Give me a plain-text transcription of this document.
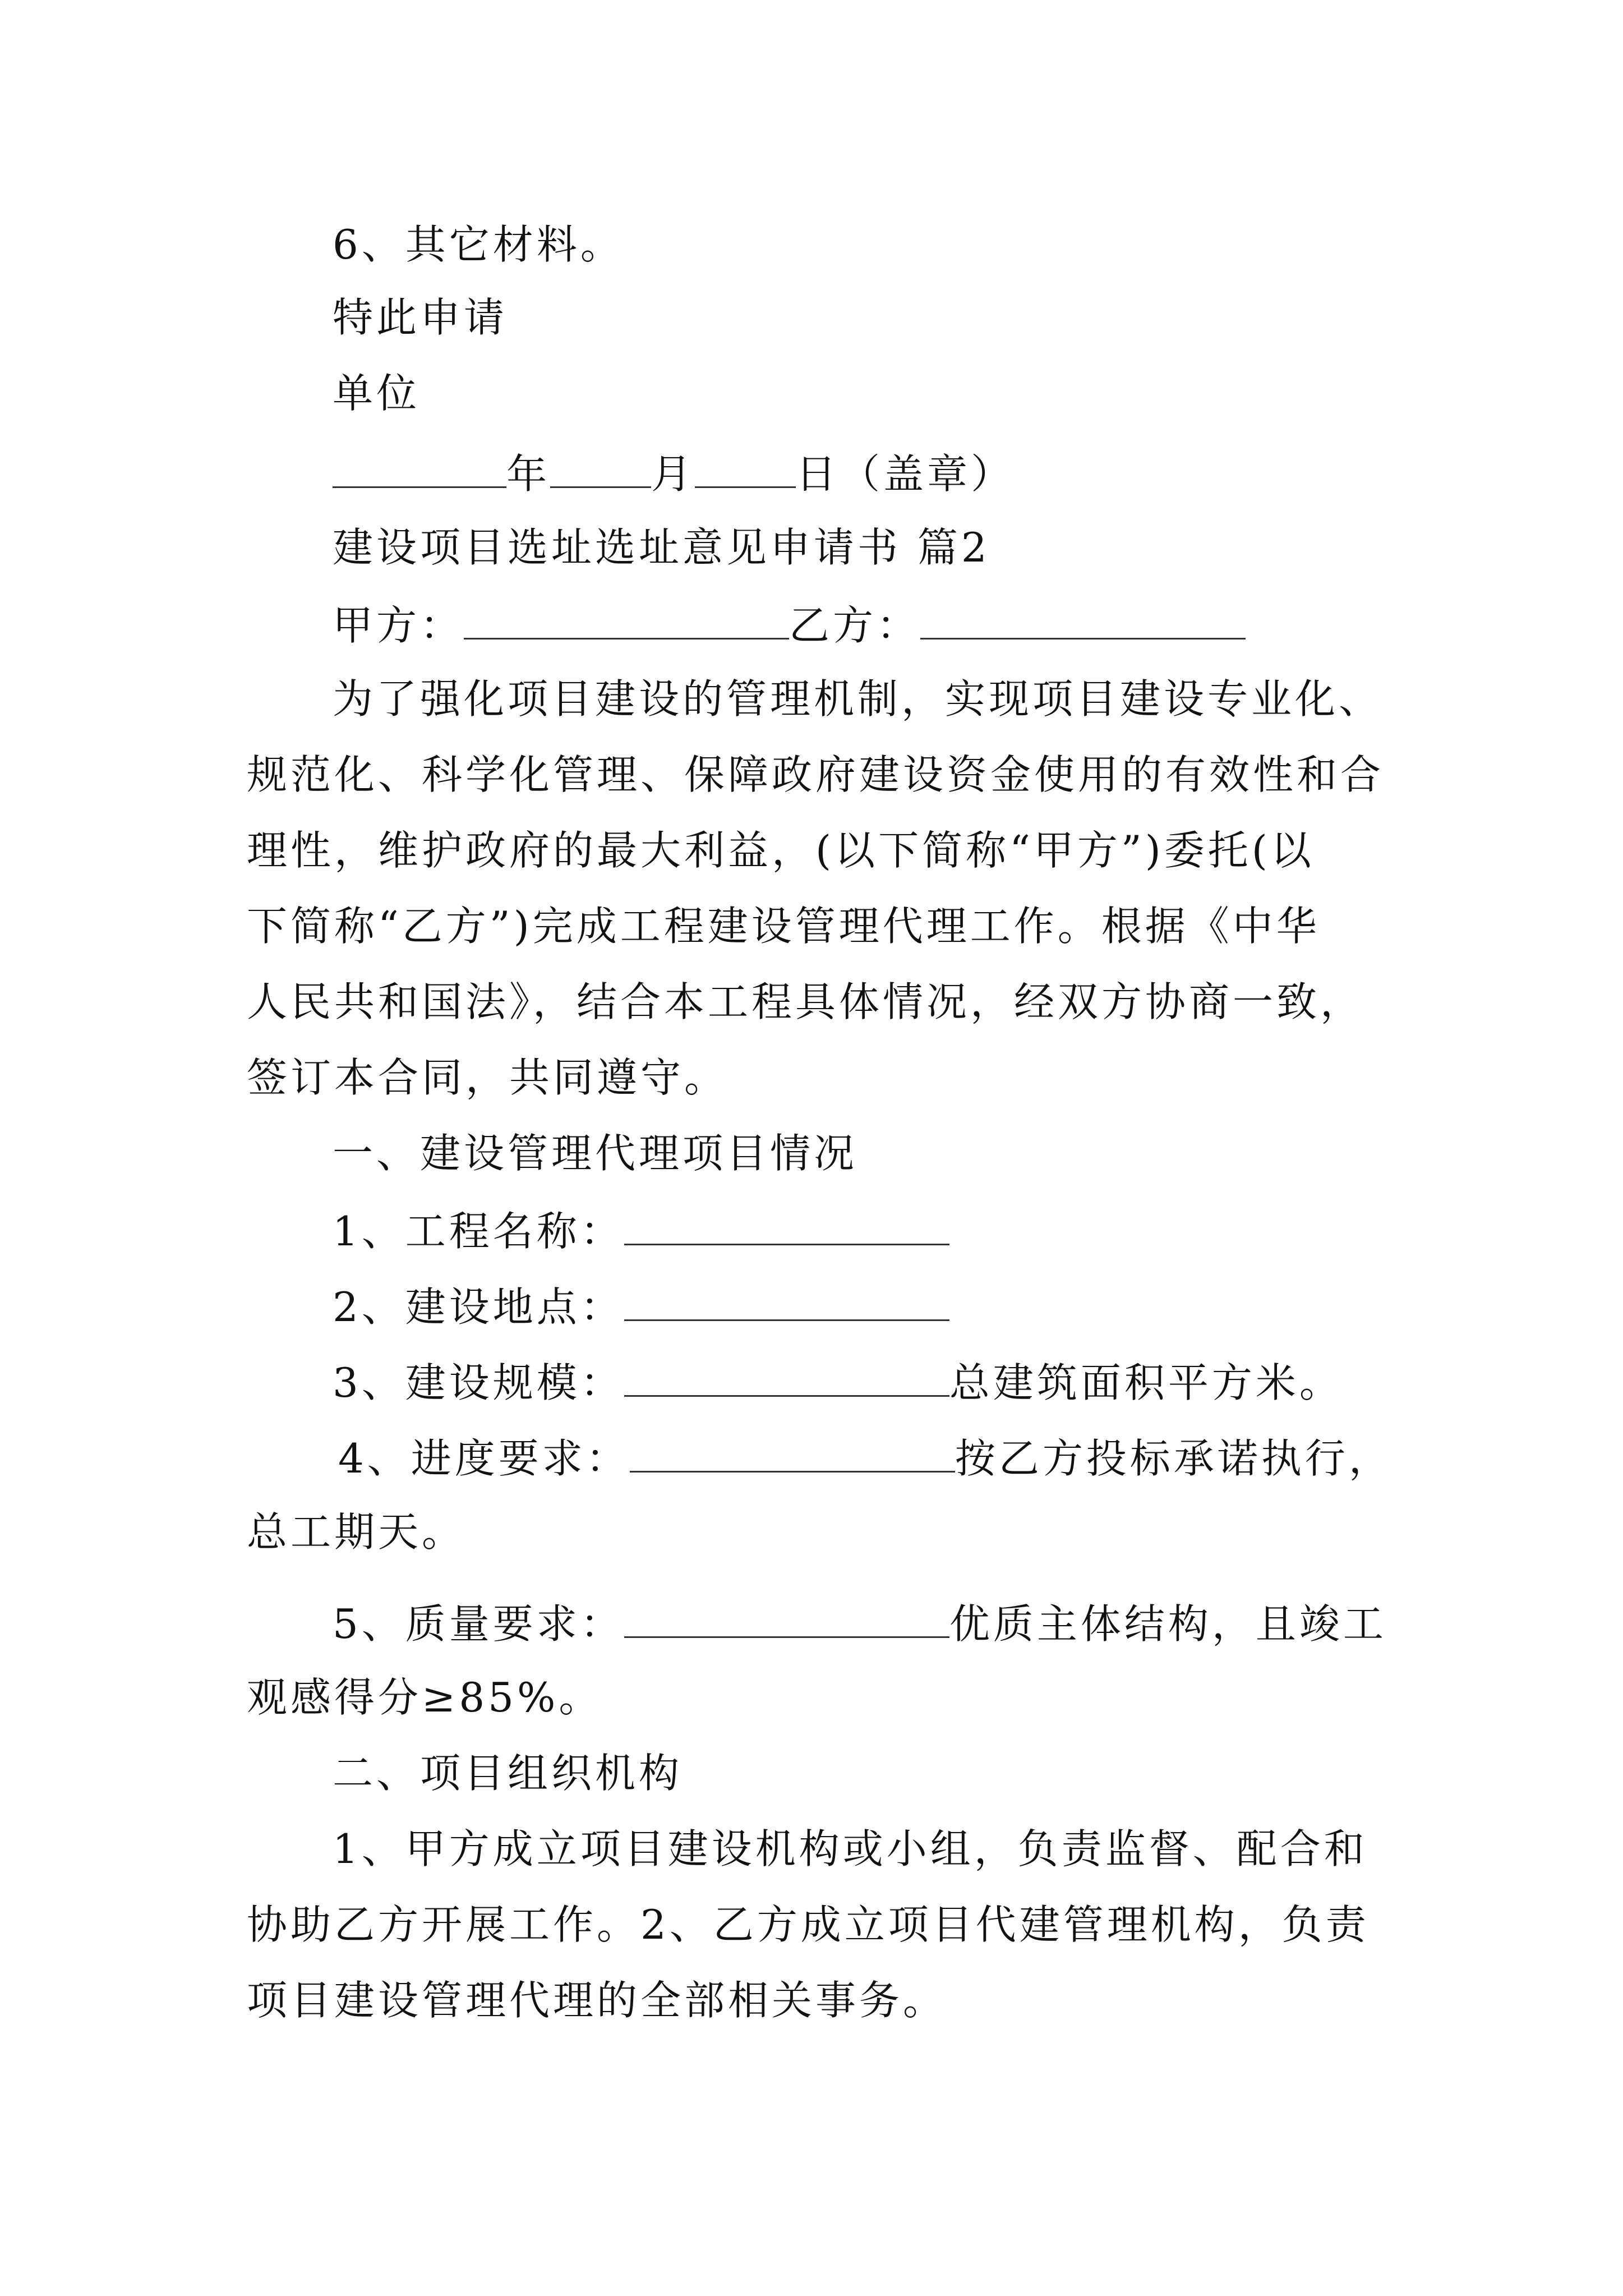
6、其它材料。
特此申请
单位
年	月	日（盖章）
建设项目选址选址意见申请书 篇2
甲方：	乙方：
为了强化项目建设的管理机制，实现项目建设专业化、
规范化、科学化管理、保障政府建设资金使用的有效性和合
理性，维护政府的最大利益，(以下简称“甲方”)委托(以
下简称“乙方”)完成工程建设管理代理工作。根据《中华
人民共和国法》，结合本工程具体情况，经双方协商一致，
签订本合同，共同遵守。
一、建设管理代理项目情况
1、工程名称：
2、建设地点：
3、建设规模：	总建筑面积平方米。
4、进度要求：	按乙方投标承诺执行，
总工期天。
5、质量要求：	优质主体结构，且竣工
观感得分≥85%。
二、项目组织机构
1、甲方成立项目建设机构或小组，负责监督、配合和
协助乙方开展工作。2、乙方成立项目代建管理机构，负责
项目建设管理代理的全部相关事务。
